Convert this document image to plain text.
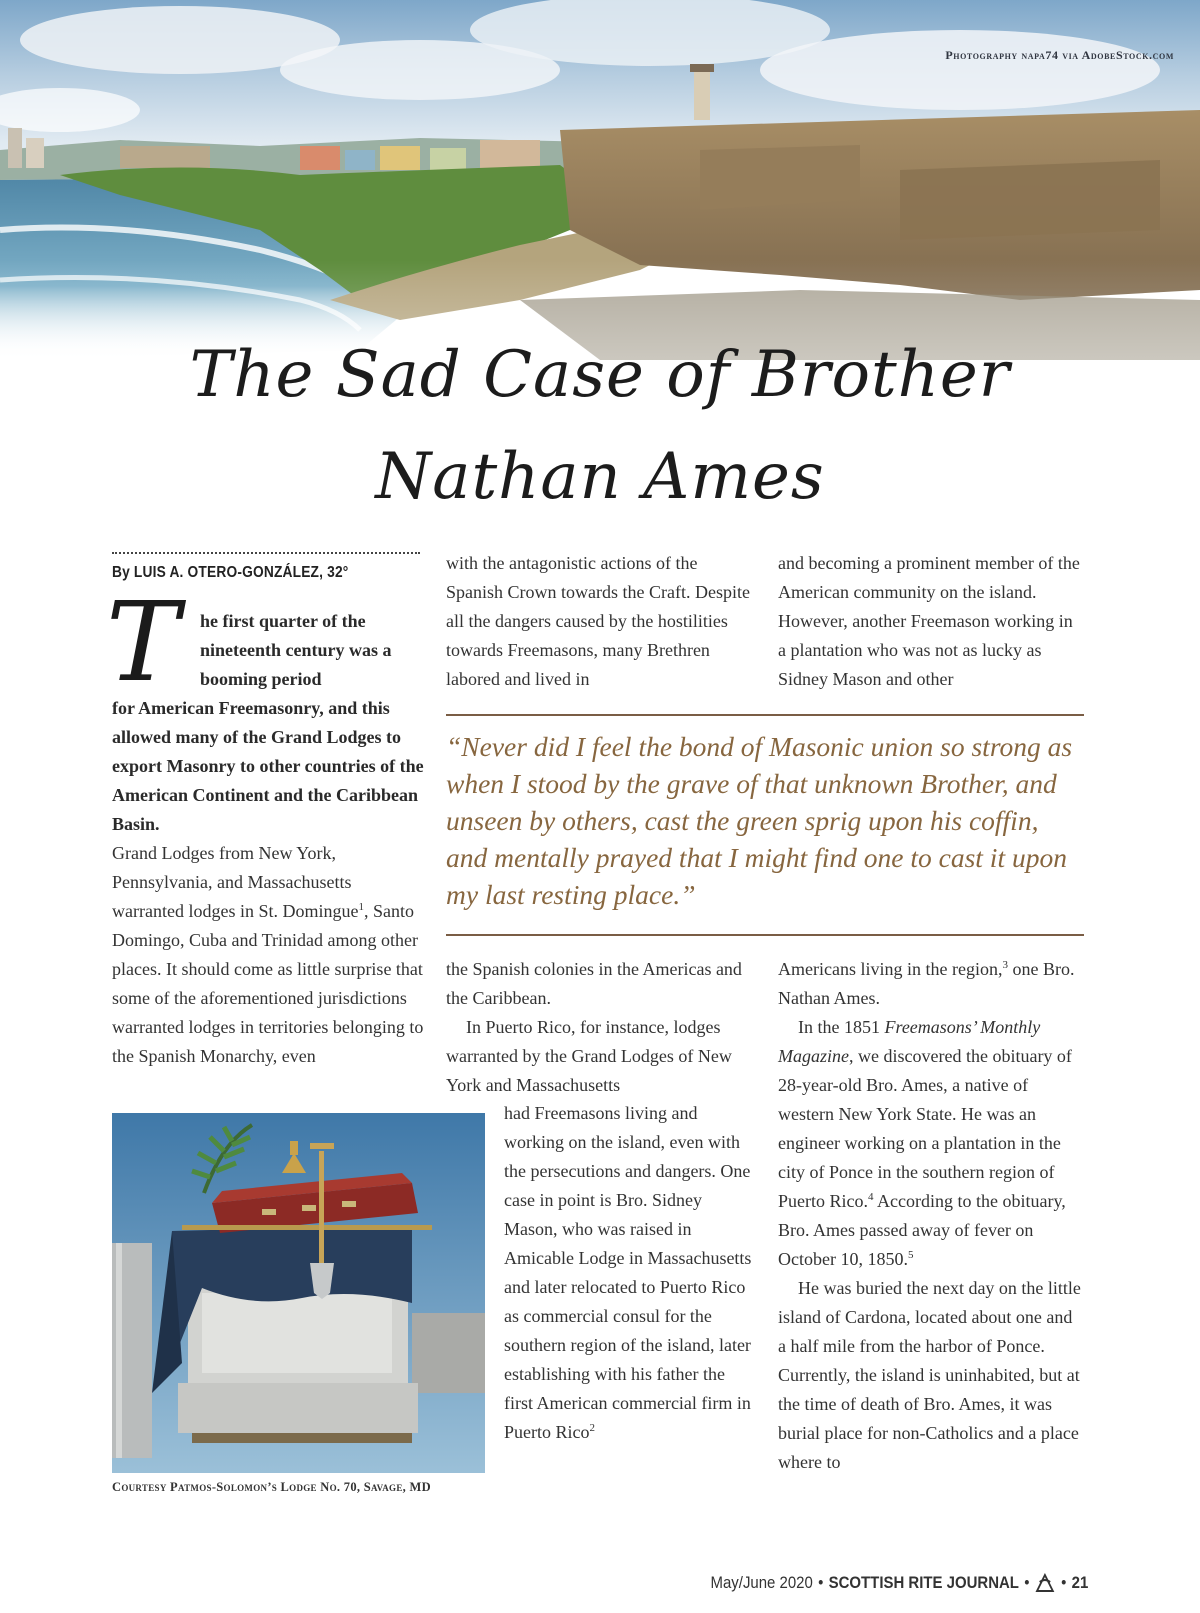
Photography napa74 via AdobeStock.com
The Sad Case of Brother
Nathan Ames
By LUIS A. OTERO-GONZÁLEZ, 32°
T	he first quarter of the nineteenth century was a booming period

for American Freemasonry, and this allowed many of the Grand Lodges to export Masonry to other countries of the American Continent and the Caribbean Basin.

Grand Lodges from New York, Pennsylvania, and Massachusetts warranted lodges in St. Domingue$^1$, Santo Domingo, Cuba and Trinidad among other places. It should come as little surprise that some of the aforementioned jurisdictions warranted lodges in territories belonging to the Spanish Monarchy, even

with the antagonistic actions of the Spanish Crown towards the Craft. Despite all the dangers caused by the hostilities towards Freemasons, many Brethren labored and lived in
and becoming a prominent member of the American community on the island. However, another Freemason working in a plantation who was not as lucky as Sidney Mason and other

“Never did I feel the bond of Masonic union so strong as when I stood by the grave of that unknown Brother, and unseen by others, cast the green sprig upon his coffin, and mentally prayed that I might find one to cast it upon my last resting place.”

the Spanish colonies in the Americas and the Caribbean.

In Puerto Rico, for instance, lodges warranted by the Grand Lodges of New York and Massachusetts

had Freemasons living and working on the island, even with the persecutions and dangers. One case in point is Bro. Sidney Mason, who was raised in Amicable Lodge in Massachusetts and later relocated to Puerto Rico as commercial consul for the southern region of the island, later establishing with his father the first American commercial firm in Puerto Rico$^2$

Americans living in the region,$^3$ one Bro. Nathan Ames.

In the 1851 Freemasons’ Monthly Magazine, we discovered the obituary of 28-year-old Bro. Ames, a native of western New York State. He was an engineer working on a plantation in the city of Ponce in the southern region of Puerto Rico.$^4$ According to the obituary, Bro. Ames passed away of fever on October 10, 1850.$^5$

He was buried the next day on the little island of Cardona, located about one and a half mile from the harbor of Ponce. Currently, the island is uninhabited, but at the time of death of Bro. Ames, it was burial place for non-Catholics and a place where to

Courtesy Patmos-Solomon’s Lodge No. 70, Savage, MD
May/June 2020 • SCOTTISH RITE JOURNAL • • 21
